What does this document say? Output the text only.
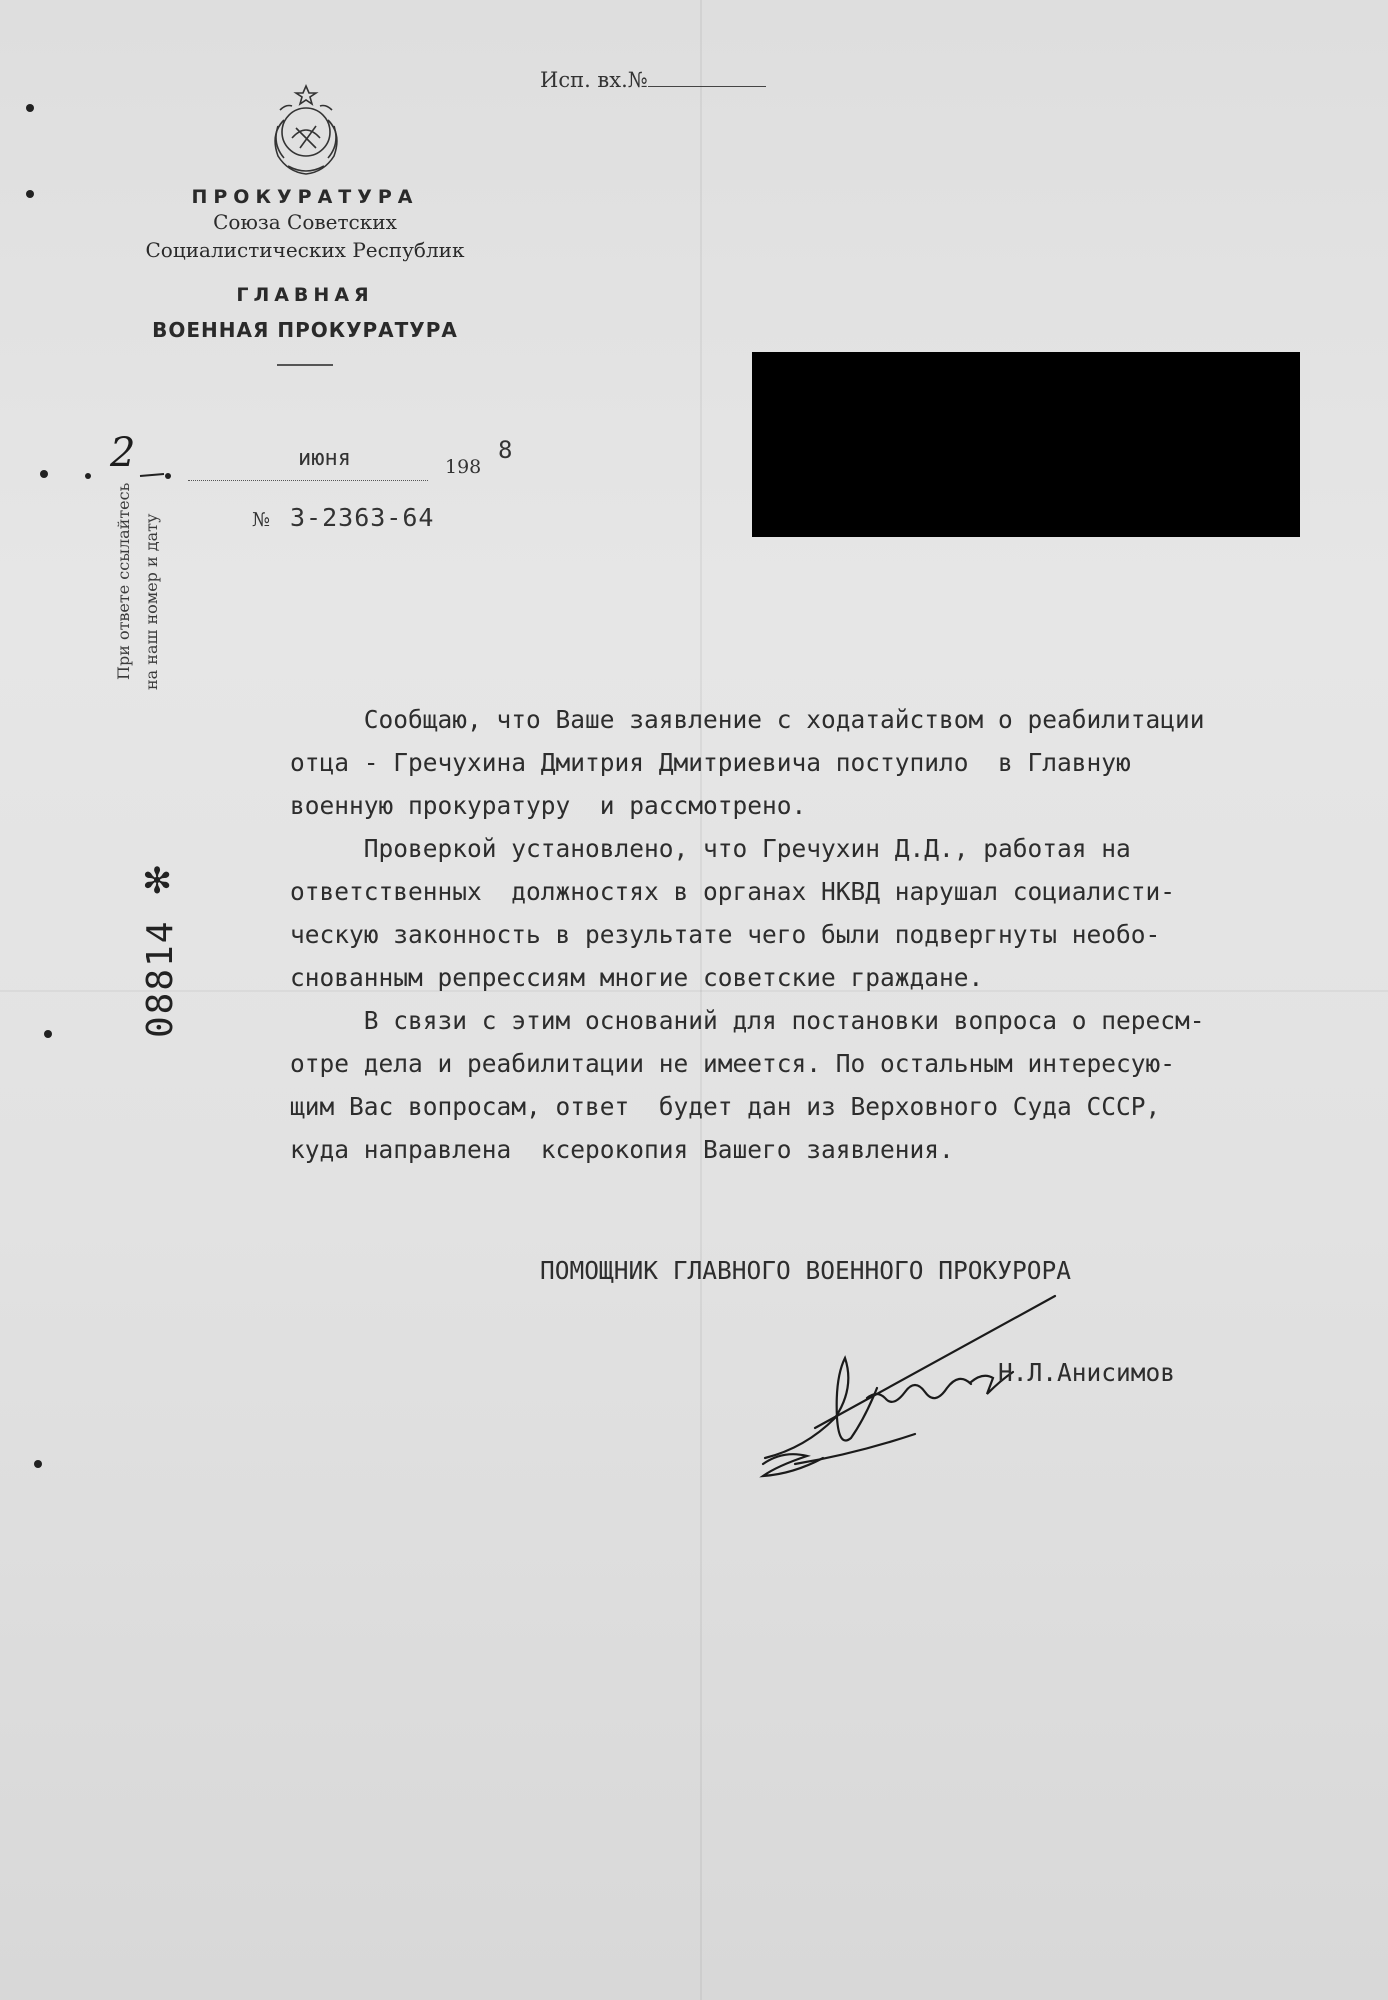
Исп. вх.№
ПРОКУРАТУРА
Союза Советских
Социалистических Республик
ГЛАВНАЯ
ВОЕННАЯ ПРОКУРАТУРА
2	июня	198
8
№ 3-2363-64
При ответе ссылайтесь на наш номер и дату
✻
08814

Сообщаю, что Ваше заявление с ходатайством о реабилитации

отца - Гречухина Дмитрия Дмитриевича поступило  в Главную

военную прокуратуру  и рассмотрено.

Проверкой установлено, что Гречухин Д.Д., работая на

ответственных  должностях в органах НКВД нарушал социалисти-

ческую законность в результате чего были подвергнуты необо-

снованным репрессиям многие советские граждане.

В связи с этим оснований для постановки вопроса о пересм-

отре дела и реабилитации не имеется. По остальным интересую-

щим Вас вопросам, ответ  будет дан из Верховного Суда СССР,

куда направлена  ксерокопия Вашего заявления.

ПОМОЩНИК ГЛАВНОГО ВОЕННОГО ПРОКУРОРА
Н.Л.Анисимов
